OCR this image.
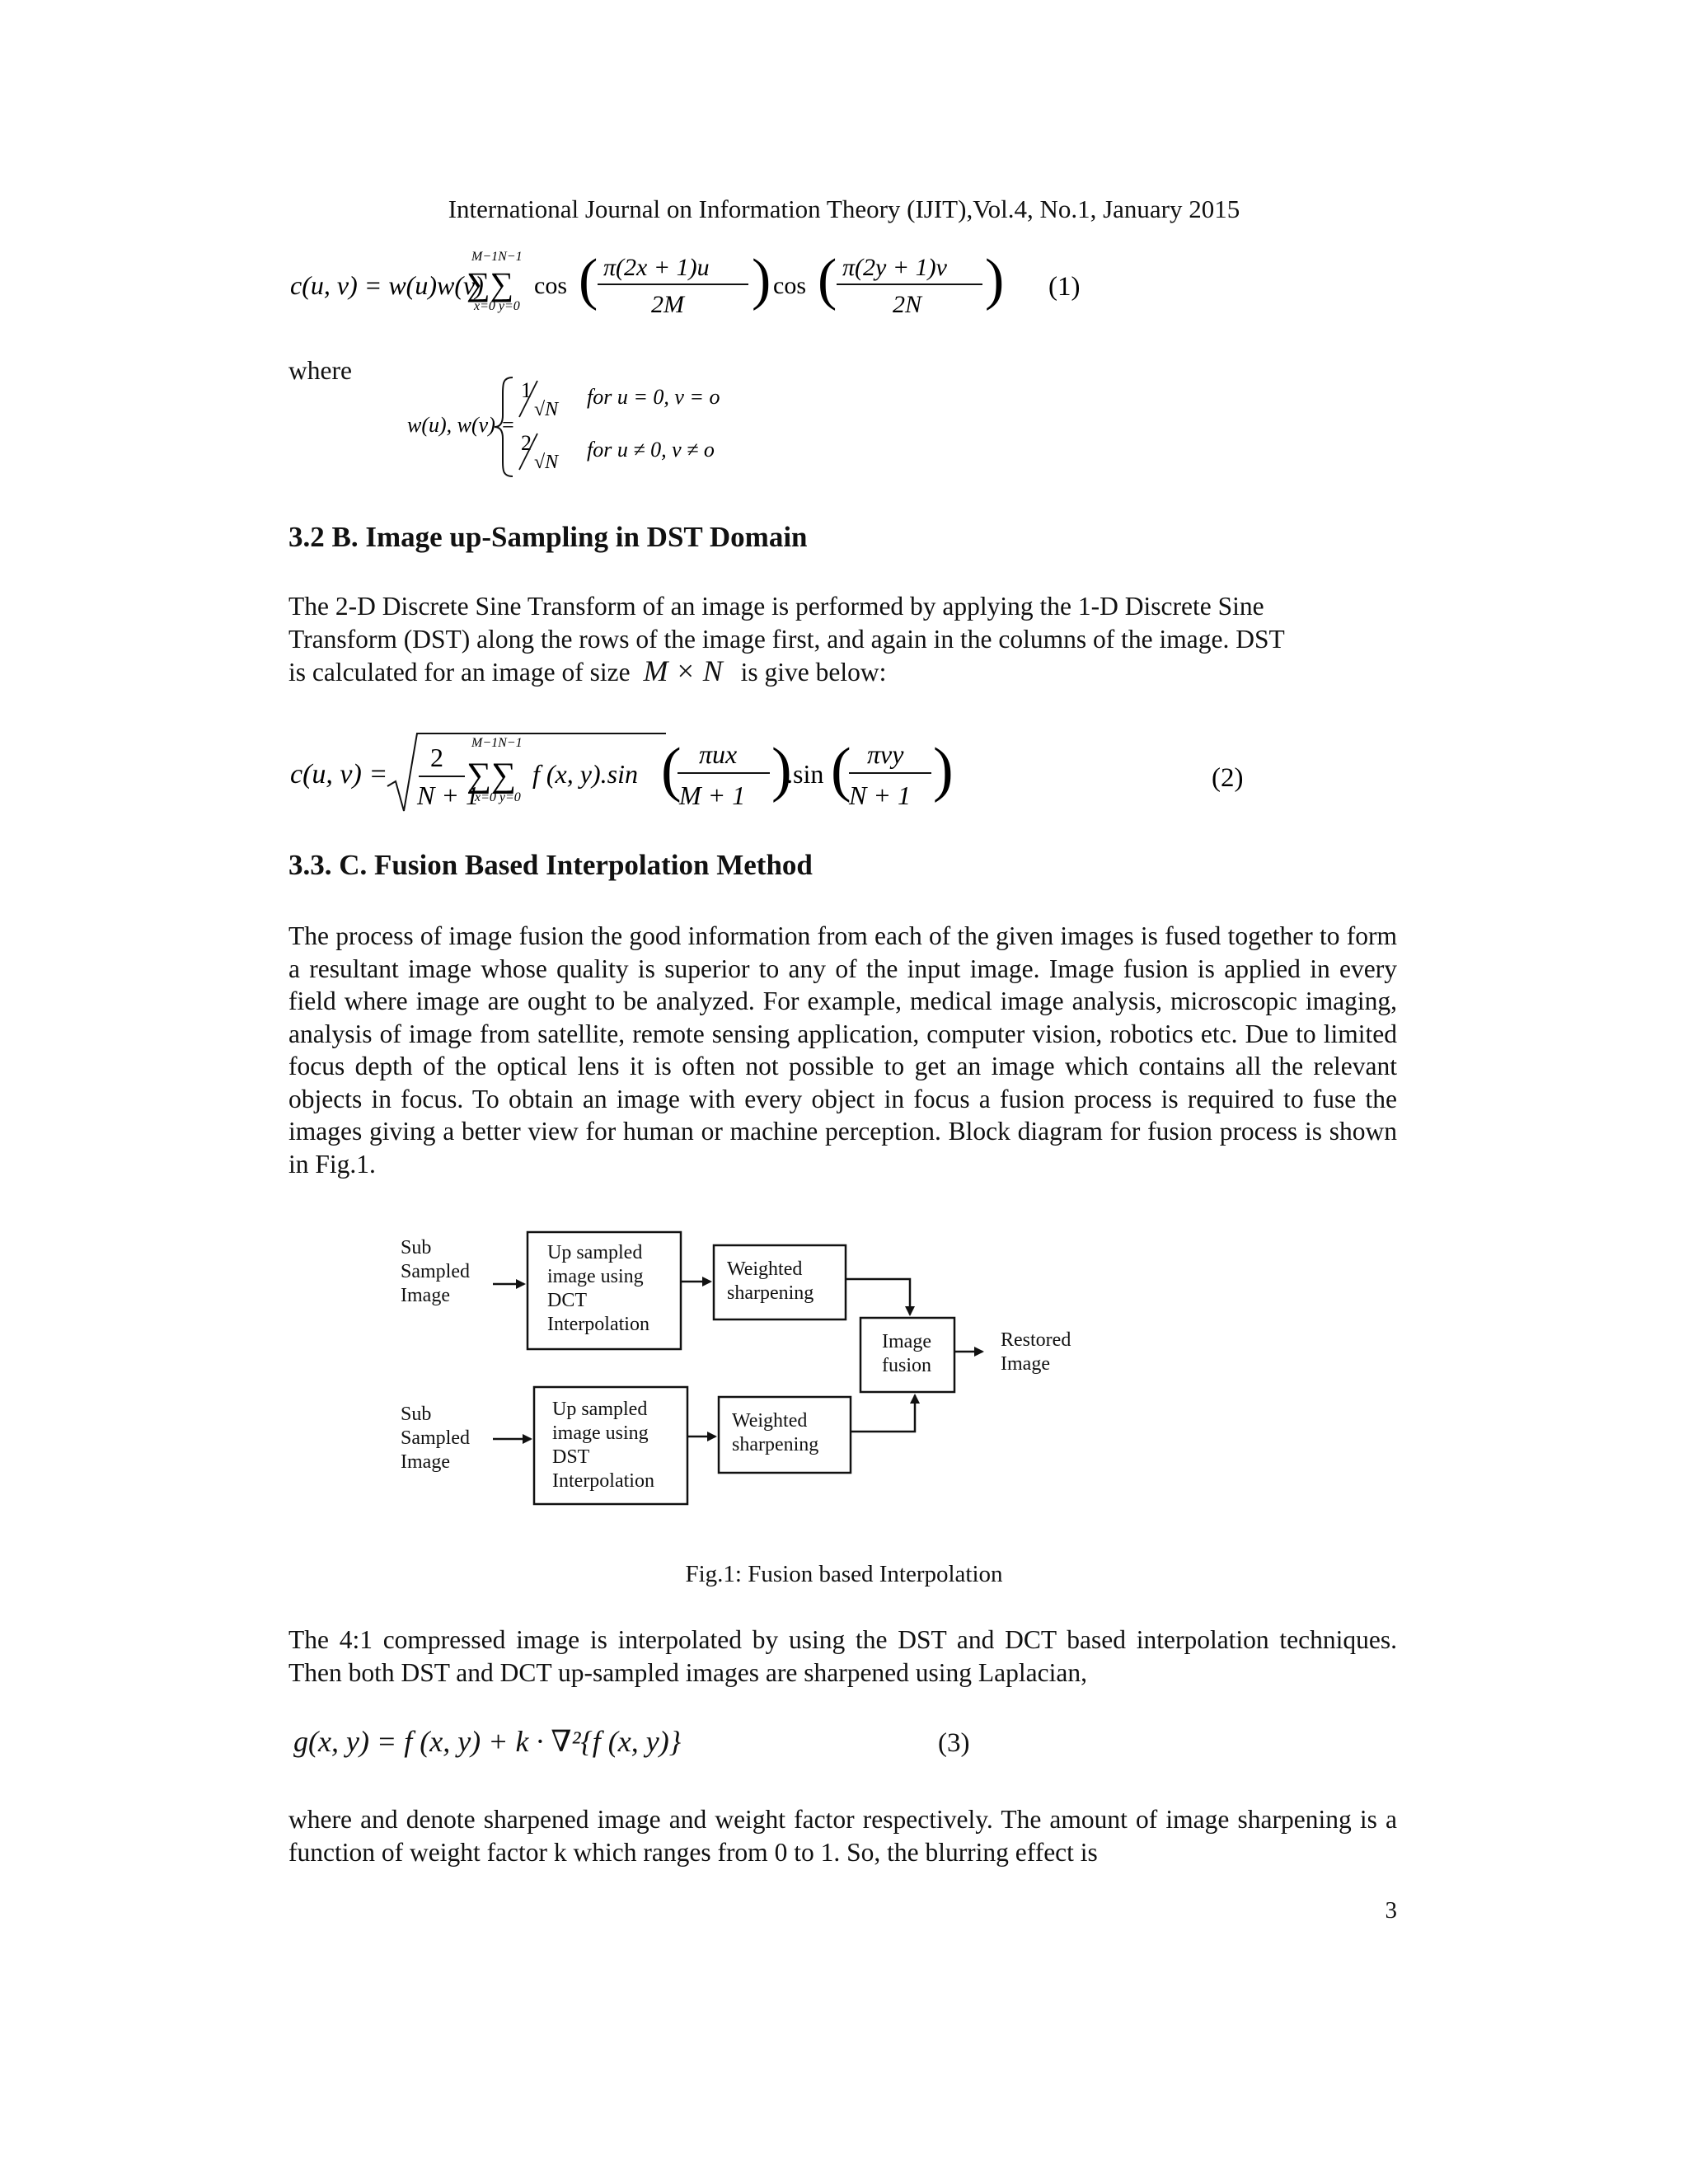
International Journal on Information Theory (IJIT),Vol.4, No.1, January 2015
c(u, v) = w(u)w(v)
M−1N−1
∑∑
x=0 y=0
cos ( π(2x + 1)u
2M ) cos ( π(2y + 1)v
2N ) (1)
where
w(u), w(v) =
1
√N
for u = 0, v = o
2
√N
for u ≠ 0, v ≠ o
3.2 B. Image up-Sampling in DST Domain
The 2-D Discrete Sine Transform of an image is performed by applying the 1-D Discrete Sine
Transform (DST) along the rows of the image first, and again in the columns of the image. DST
is calculated for an image of size M × N is give below:
c(u, v) =
2
N + 1
M−1N−1
∑∑
x=0 y=0
f (x, y).sin ( πux
M + 1 )
.sin ( πvy
N + 1 )	(2)
3.3. C. Fusion Based Interpolation Method
The process of image fusion the good information from each of the given images is fused together to form a resultant image whose quality is superior to any of the input image. Image fusion is applied in every field where image are ought to be analyzed. For example, medical image analysis, microscopic imaging, analysis of image from satellite, remote sensing application, computer vision, robotics etc. Due to limited focus depth of the optical lens it is often not possible to get an image which contains all the relevant objects in focus. To obtain an image with every object in focus a fusion process is required to fuse the images giving a better view for human or machine perception. Block diagram for fusion process is shown in Fig.1.
Sub
Sampled
Image
Up sampled
image using
DCT
Interpolation
Weighted
sharpening
Image
fusion
Restored
Image
Sub
Sampled
Image
Up sampled
image using
DST
Interpolation
Weighted
sharpening
Fig.1: Fusion based Interpolation
The 4:1 compressed image is interpolated by using the DST and DCT based interpolation techniques. Then both DST and DCT up-sampled images are sharpened using Laplacian,
g(x, y) = f (x, y) + k · ∇²{f (x, y)}	(3)
where and denote sharpened image and weight factor respectively. The amount of image sharpening is a function of weight factor k which ranges from 0 to 1. So, the blurring effect is
3
